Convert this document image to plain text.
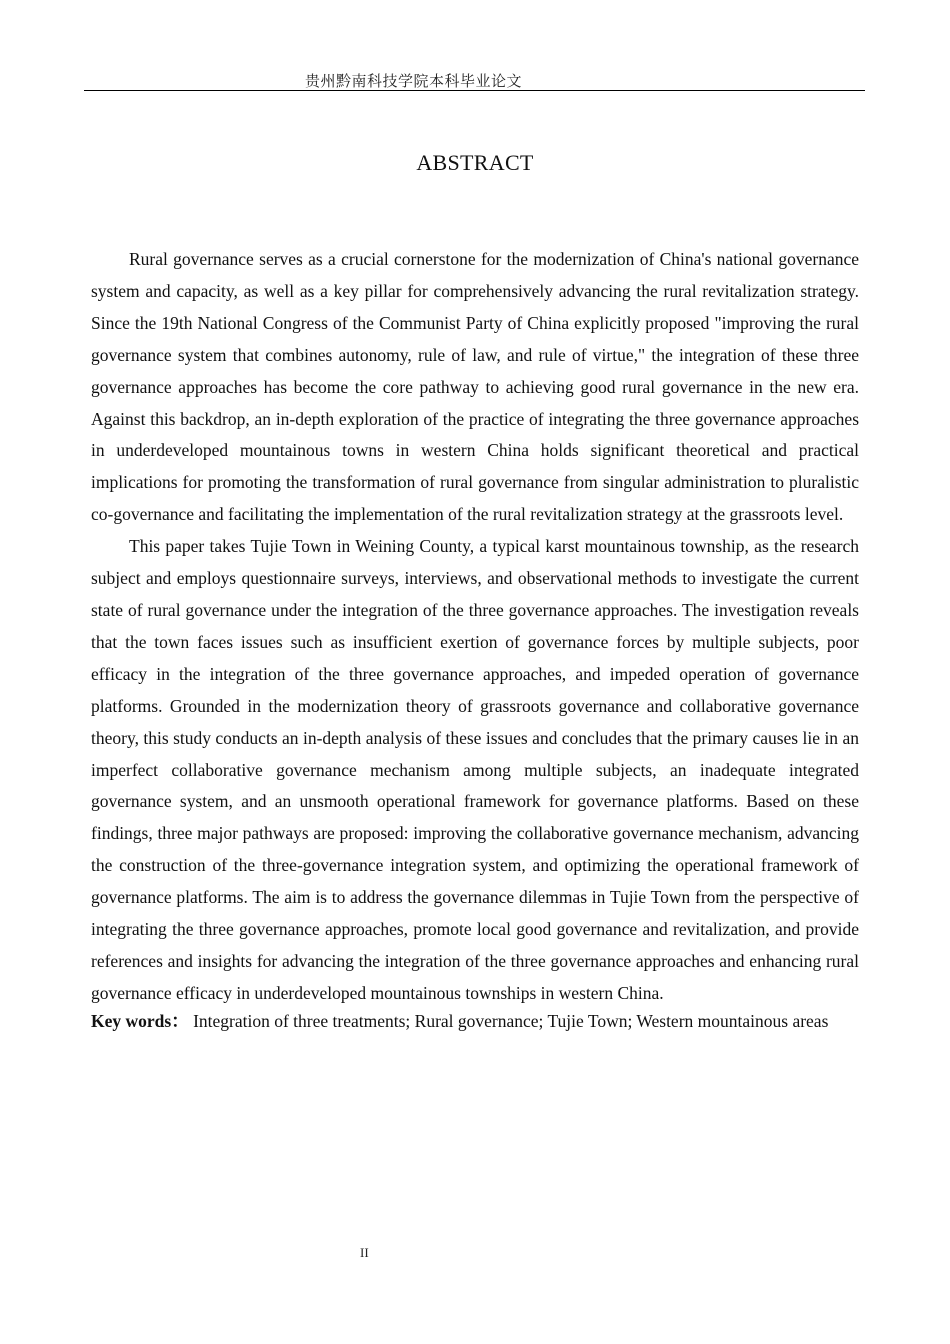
贵州黔南科技学院本科毕业论文
ABSTRACT

Rural governance serves as a crucial cornerstone for the modernization of China's national governance system and capacity, as well as a key pillar for comprehensively advancing the rural revitalization strategy. Since the 19th National Congress of the Communist Party of China explicitly proposed "improving the rural governance system that combines autonomy, rule of law, and rule of virtue," the integration of these three governance approaches has become the core pathway to achieving good rural governance in the new era. Against this backdrop, an in-depth exploration of the practice of integrating the three governance approaches in underdeveloped mountainous towns in western China holds significant theoretical and practical implications for promoting the transformation of rural governance from singular administration to pluralistic co-governance and facilitating the implementation of the rural revitalization strategy at the grassroots level.

This paper takes Tujie Town in Weining County, a typical karst mountainous township, as the research subject and employs questionnaire surveys, interviews, and observational methods to investigate the current state of rural governance under the integration of the three governance approaches. The investigation reveals that the town faces issues such as insufficient exertion of governance forces by multiple subjects, poor efficacy in the integration of the three governance approaches, and impeded operation of governance platforms. Grounded in the modernization theory of grassroots governance and collaborative governance theory, this study conducts an in-depth analysis of these issues and concludes that the primary causes lie in an imperfect collaborative governance mechanism among multiple subjects, an inadequate integrated governance system, and an unsmooth operational framework for governance platforms. Based on these findings, three major pathways are proposed: improving the collaborative governance mechanism, advancing the construction of the three-governance integration system, and optimizing the operational framework of governance platforms. The aim is to address the governance dilemmas in Tujie Town from the perspective of integrating the three governance approaches, promote local good governance and revitalization, and provide references and insights for advancing the integration of the three governance approaches and enhancing rural governance efficacy in underdeveloped mountainous townships in western China.

Key words： Integration of three treatments; Rural governance; Tujie Town; Western mountainous areas

II
